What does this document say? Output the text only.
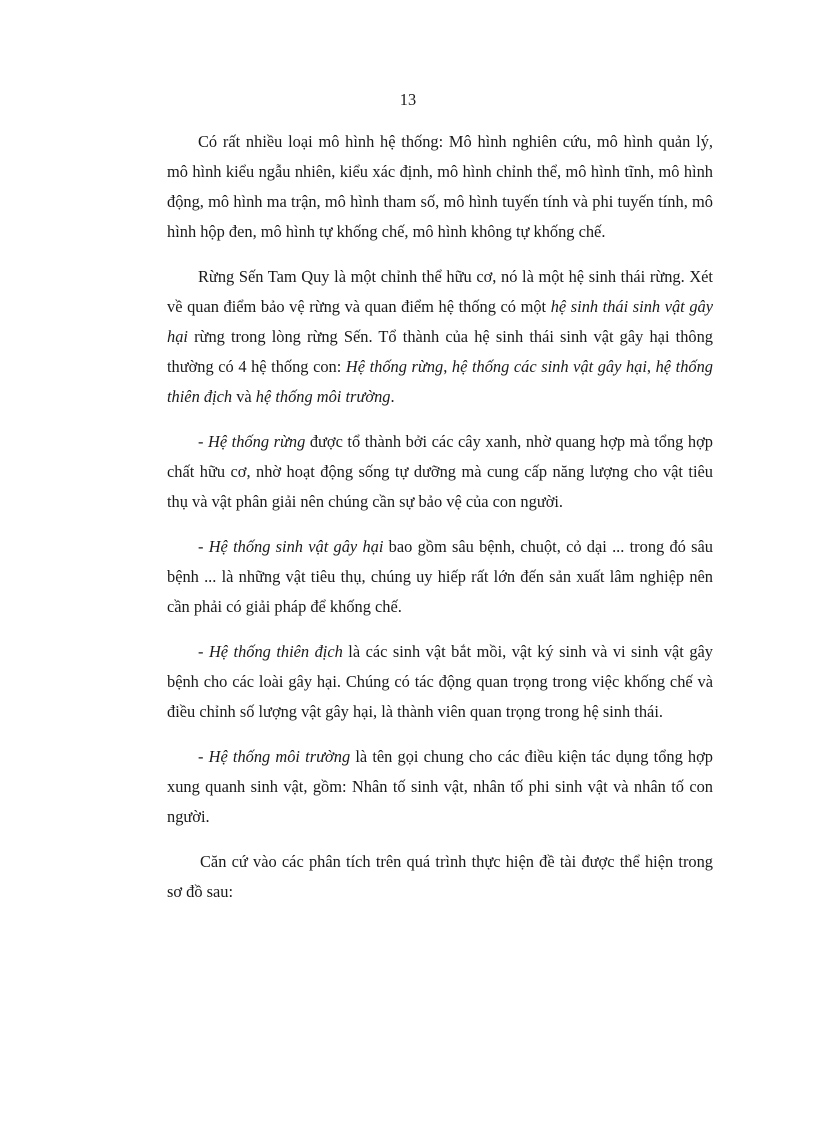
13

Có rất nhiều loại mô hình hệ thống: Mô hình nghiên cứu, mô hình quản lý, mô hình kiểu ngẫu nhiên, kiểu xác định, mô hình chỉnh thể, mô hình tĩnh, mô hình động, mô hình ma trận, mô hình tham số, mô hình tuyến tính và phi tuyến tính, mô hình hộp đen, mô hình tự khống chế, mô hình không tự khống chế.

Rừng Sến Tam Quy là một chỉnh thể hữu cơ, nó là một hệ sinh thái rừng. Xét về quan điểm bảo vệ rừng và quan điểm hệ thống có một hệ sinh thái sinh vật gây hại rừng trong lòng rừng Sến. Tổ thành của hệ sinh thái sinh vật gây hại thông thường có 4 hệ thống con: Hệ thống rừng, hệ thống các sinh vật gây hại, hệ thống thiên địch và hệ thống môi trường.

- Hệ thống rừng được tổ thành bởi các cây xanh, nhờ quang hợp mà tổng hợp chất hữu cơ, nhờ hoạt động sống tự dưỡng mà cung cấp năng lượng cho vật tiêu thụ và vật phân giải nên chúng cần sự bảo vệ của con người.

- Hệ thống sinh vật gây hại bao gồm sâu bệnh, chuột, cỏ dại ... trong đó sâu bệnh ... là những vật tiêu thụ, chúng uy hiếp rất lớn đến sản xuất lâm nghiệp nên cần phải có giải pháp để khống chế.

- Hệ thống thiên địch là các sinh vật bắt mồi, vật ký sinh và vi sinh vật gây bệnh cho các loài gây hại. Chúng có tác động quan trọng trong việc khống chế và điều chỉnh số lượng vật gây hại, là thành viên quan trọng trong hệ sinh thái.

- Hệ thống môi trường là tên gọi chung cho các điều kiện tác dụng tổng hợp xung quanh sinh vật, gồm: Nhân tố sinh vật, nhân tố phi sinh vật và nhân tố con người.

Căn cứ vào các phân tích trên quá trình thực hiện đề tài được thể hiện trong sơ đồ sau:
